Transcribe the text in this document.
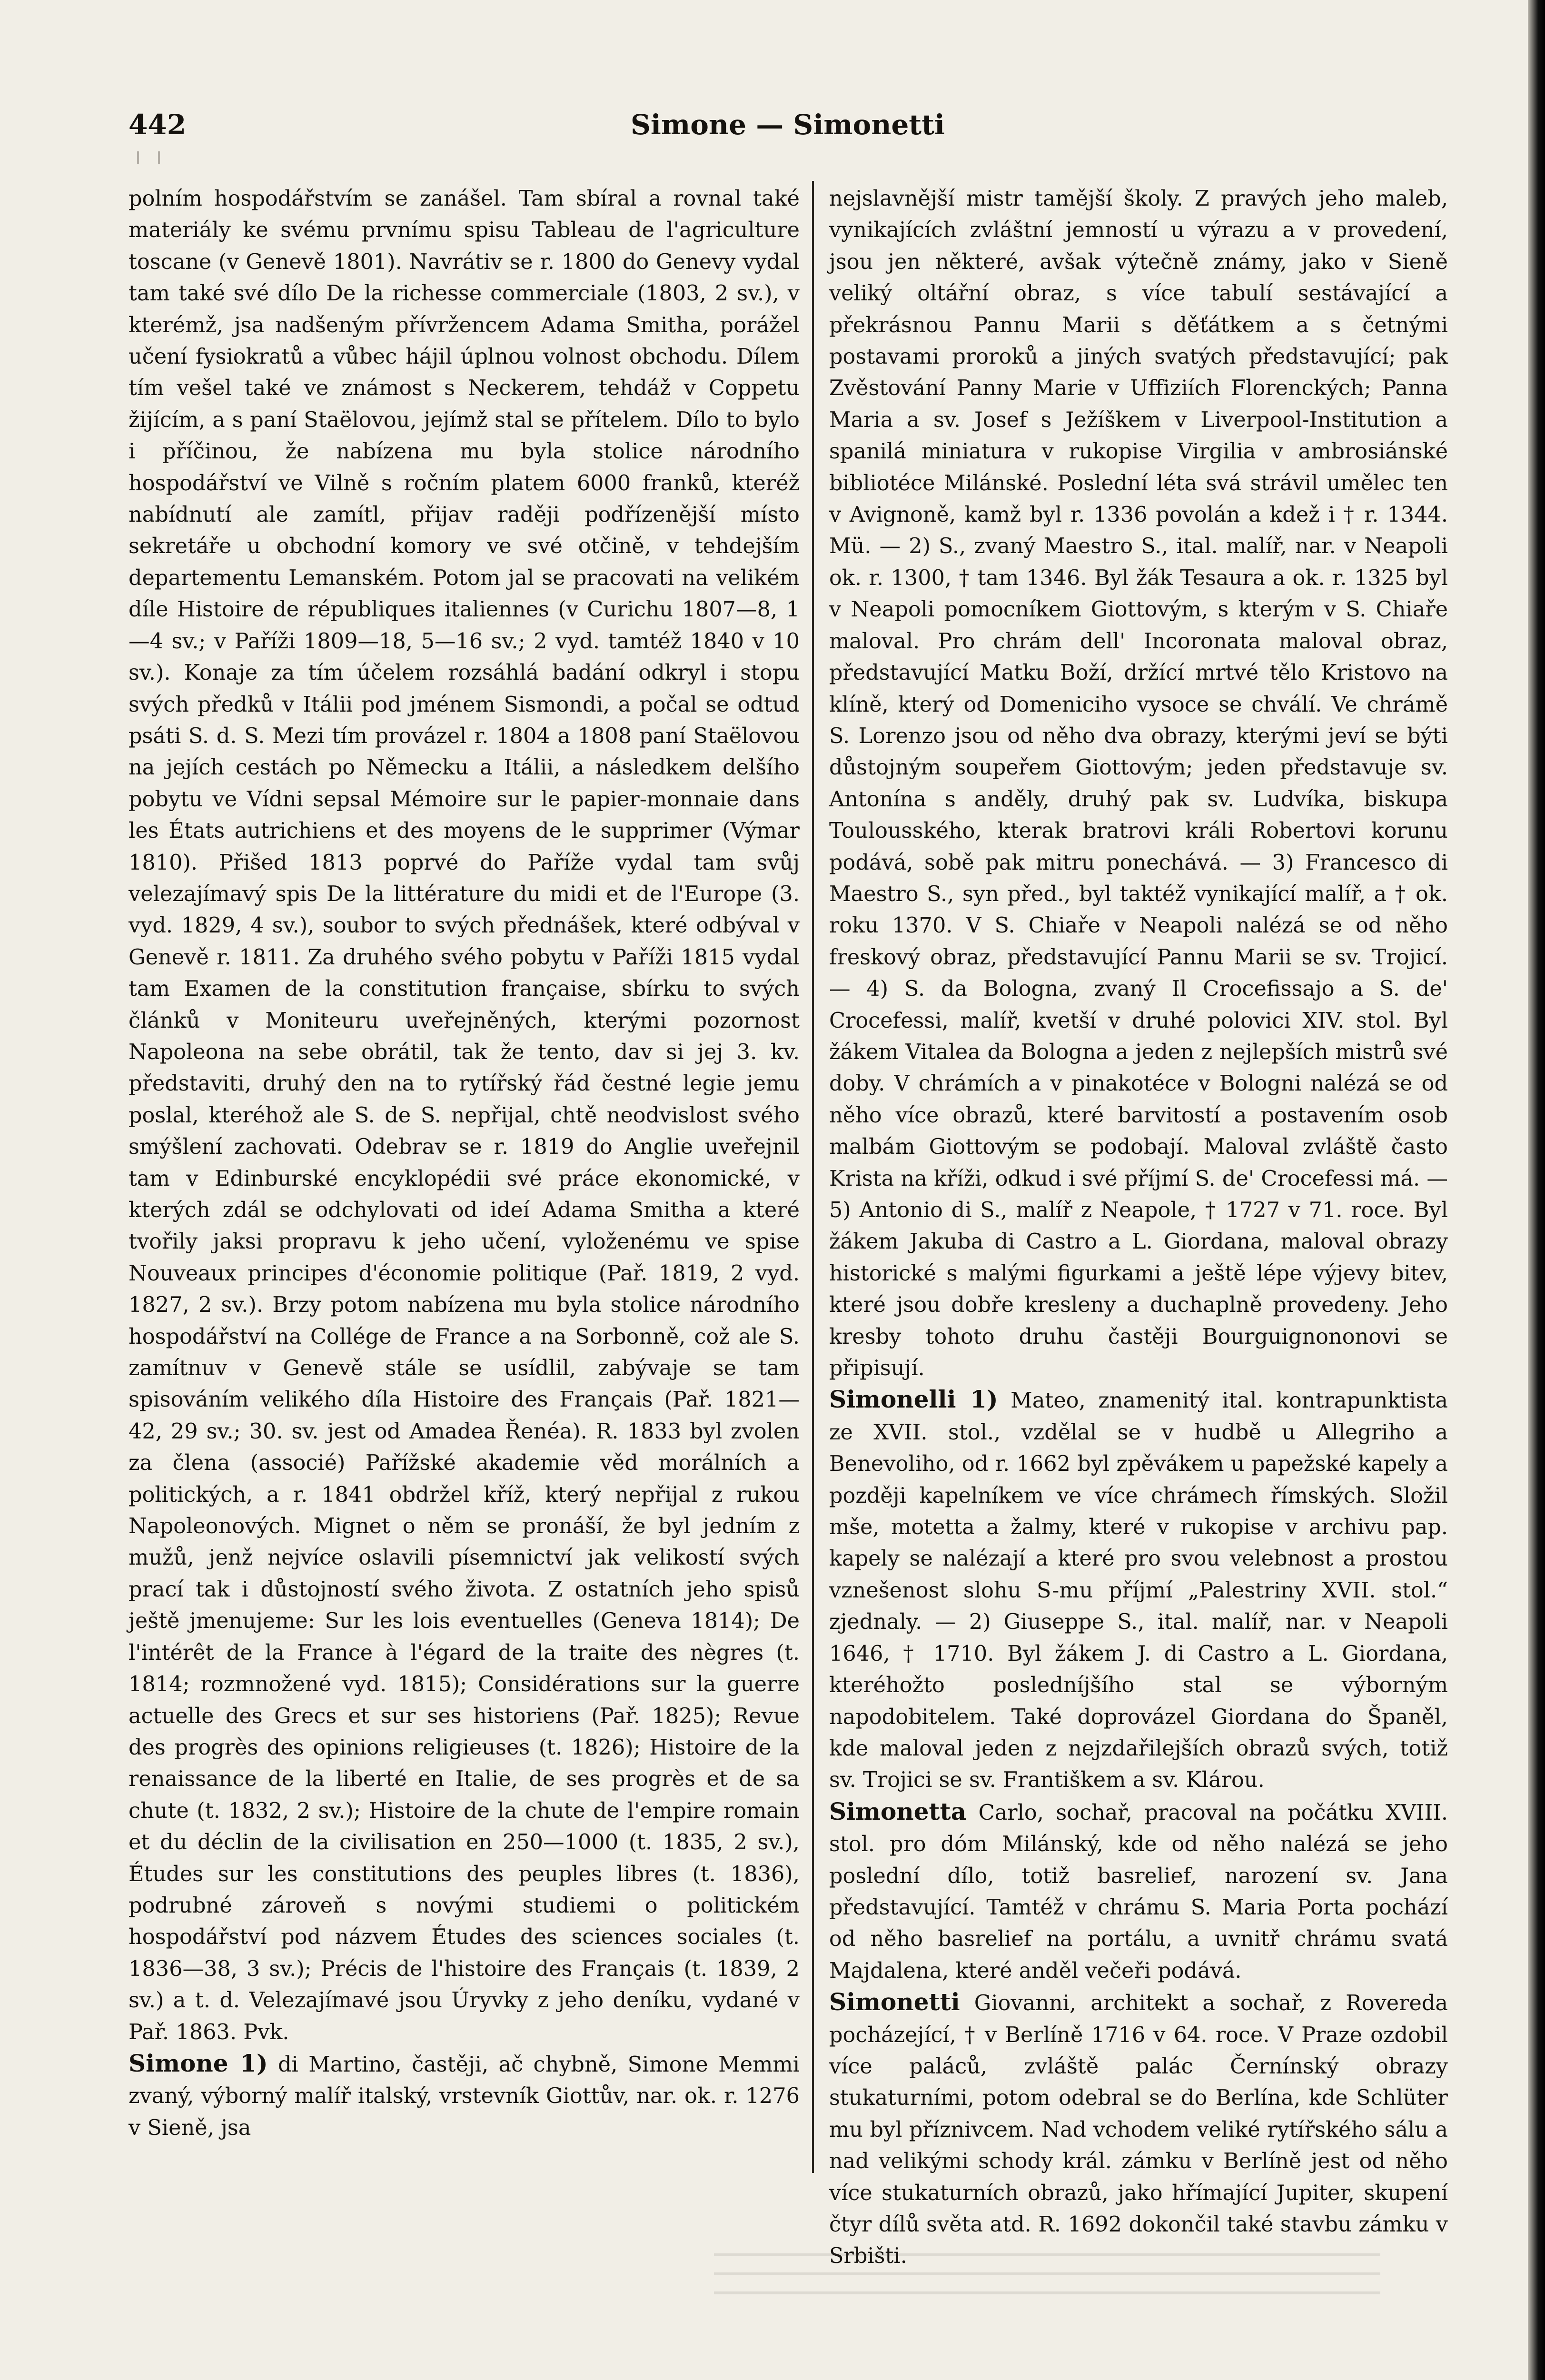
442	Simone — Simonetti

polním hospodářstvím se zanášel. Tam sbíral a rovnal také materiály ke svému prvnímu spisu Tableau de l'agriculture toscane (v Genevě 1801). Navrátiv se r. 1800 do Genevy vydal tam také své dílo De la richesse commerciale (1803, 2 sv.), v kterémž, jsa nadšeným přívržencem Adama Smitha, porážel učení fysiokratů a vůbec hájil úplnou volnost obchodu. Dílem tím vešel také ve známost s Neckerem, tehdáž v Coppetu žijícím, a s paní Staëlovou, jejímž stal se přítelem. Dílo to bylo i příčinou, že nabízena mu byla stolice národního hospodářství ve Vilně s ročním platem 6000 franků, kteréž nabídnutí ale zamítl, přijav raději podřízenější místo sekretáře u obchodní komory ve své otčině, v tehdejším departementu Lemanském. Potom jal se pracovati na velikém díle Histoire de républiques italiennes (v Curichu 1807—8, 1—4 sv.; v Paříži 1809—18, 5—16 sv.; 2 vyd. tamtéž 1840 v 10 sv.). Konaje za tím účelem rozsáhlá badání odkryl i stopu svých předků v Itálii pod jménem Sismondi, a počal se odtud psáti S. d. S. Mezi tím provázel r. 1804 a 1808 paní Staëlovou na jejích cestách po Německu a Itálii, a následkem delšího pobytu ve Vídni sepsal Mémoire sur le papier-monnaie dans les États autrichiens et des moyens de le supprimer (Výmar 1810). Přišed 1813 poprvé do Paříže vydal tam svůj velezajímavý spis De la littérature du midi et de l'Europe (3. vyd. 1829, 4 sv.), soubor to svých přednášek, které odbýval v Genevě r. 1811. Za druhého svého pobytu v Paříži 1815 vydal tam Examen de la constitution française, sbírku to svých článků v Moniteuru uveřejněných, kterými pozornost Napoleona na sebe obrátil, tak že tento, dav si jej 3. kv. představiti, druhý den na to rytířský řád čestné legie jemu poslal, kteréhož ale S. de S. nepřijal, chtě neodvislost svého smýšlení zachovati. Odebrav se r. 1819 do Anglie uveřejnil tam v Edinburské encyklopédii své práce ekonomické, v kterých zdál se odchylovati od ideí Adama Smitha a které tvořily jaksi propravu k jeho učení, vyloženému ve spise Nouveaux principes d'économie politique (Pař. 1819, 2 vyd. 1827, 2 sv.). Brzy potom nabízena mu byla stolice národního hospodářství na Collége de France a na Sorbonně, což ale S. zamítnuv v Genevě stále se usídlil, zabývaje se tam spisováním velikého díla Histoire des Français (Pař. 1821—42, 29 sv.; 30. sv. jest od Amadea Řenéa). R. 1833 byl zvolen za člena (associé) Pařížské akademie věd morálních a politických, a r. 1841 obdržel kříž, který nepřijal z rukou Napoleonových. Mignet o něm se pronáší, že byl jedním z mužů, jenž nejvíce oslavili písemnictví jak velikostí svých prací tak i důstojností svého života. Z ostatních jeho spisů ještě jmenujeme: Sur les lois eventuelles (Geneva 1814); De l'intérêt de la France à l'égard de la traite des nègres (t. 1814; rozmnožené vyd. 1815); Considérations sur la guerre actuelle des Grecs et sur ses historiens (Pař. 1825); Revue des progrès des opinions religieuses (t. 1826); Histoire de la renaissance de la liberté en Italie, de ses progrès et de sa chute (t. 1832, 2 sv.); Histoire de la chute de l'empire romain et du déclin de la civilisation en 250—1000 (t. 1835, 2 sv.), Études sur les constitutions des peuples libres (t. 1836), podrubné zároveň s novými studiemi o politickém hospodářství pod názvem Études des sciences sociales (t. 1836—38, 3 sv.); Précis de l'histoire des Français (t. 1839, 2 sv.) a t. d. Velezajímavé jsou Úryvky z jeho deníku, vydané v Pař. 1863. Pvk.

Simone 1) di Martino, častěji, ač chybně, Simone Memmi zvaný, výborný malíř italský, vrstevník Giottův, nar. ok. r. 1276 v Sieně, jsa

nejslavnější mistr tamější školy. Z pravých jeho maleb, vynikajících zvláštní jemností u výrazu a v provedení, jsou jen některé, avšak výtečně známy, jako v Sieně veliký oltářní obraz, s více tabulí sestávající a překrásnou Pannu Marii s děťátkem a s četnými postavami proroků a jiných svatých představující; pak Zvěstování Panny Marie v Uffiziích Florenckých; Panna Maria a sv. Josef s Ježíškem v Liverpool-Institution a spanilá miniatura v rukopise Virgilia v ambrosiánské bibliotéce Milánské. Poslední léta svá strávil umělec ten v Avignoně, kamž byl r. 1336 povolán a kdež i † r. 1344. Mü. — 2) S., zvaný Maestro S., ital. malíř, nar. v Neapoli ok. r. 1300, † tam 1346. Byl žák Tesaura a ok. r. 1325 byl v Neapoli pomocníkem Giottovým, s kterým v S. Chiaře maloval. Pro chrám dell' Incoronata maloval obraz, představující Matku Boží, držící mrtvé tělo Kristovo na klíně, který od Domeniciho vysoce se chválí. Ve chrámě S. Lorenzo jsou od něho dva obrazy, kterými jeví se býti důstojným soupeřem Giottovým; jeden představuje sv. Antonína s anděly, druhý pak sv. Ludvíka, biskupa Toulousského, kterak bratrovi králi Robertovi korunu podává, sobě pak mitru ponechává. — 3) Francesco di Maestro S., syn před., byl taktéž vynikající malíř, a † ok. roku 1370. V S. Chiaře v Neapoli nalézá se od něho freskový obraz, představující Pannu Marii se sv. Trojicí. — 4) S. da Bologna, zvaný Il Crocefissajo a S. de' Crocefessi, malíř, kvetší v druhé polovici XIV. stol. Byl žákem Vitalea da Bologna a jeden z nejlepších mistrů své doby. V chrámích a v pinakotéce v Bologni nalézá se od něho více obrazů, které barvitostí a postavením osob malbám Giottovým se podobají. Maloval zvláště často Krista na kříži, odkud i své příjmí S. de' Crocefessi má. — 5) Antonio di S., malíř z Neapole, † 1727 v 71. roce. Byl žákem Jakuba di Castro a L. Giordana, maloval obrazy historické s malými figurkami a ještě lépe výjevy bitev, které jsou dobře kresleny a duchaplně provedeny. Jeho kresby tohoto druhu častěji Bourguignononovi se připisují.

Simonelli 1) Mateo, znamenitý ital. kontrapunktista ze XVII. stol., vzdělal se v hudbě u Allegriho a Benevoliho, od r. 1662 byl zpěvákem u papežské kapely a později kapelníkem ve více chrámech římských. Složil mše, motetta a žalmy, které v rukopise v archivu pap. kapely se nalézají a které pro svou velebnost a prostou vznešenost slohu S-mu příjmí „Palestriny XVII. stol.“ zjednaly. — 2) Giuseppe S., ital. malíř, nar. v Neapoli 1646, † 1710. Byl žákem J. di Castro a L. Giordana, kteréhožto posledníjšího stal se výborným napodobitelem. Také doprovázel Giordana do Španěl, kde maloval jeden z nejzdařilejších obrazů svých, totiž sv. Trojici se sv. Františkem a sv. Klárou.

Simonetta Carlo, sochař, pracoval na počátku XVIII. stol. pro dóm Milánský, kde od něho nalézá se jeho poslední dílo, totiž basrelief, narození sv. Jana představující. Tamtéž v chrámu S. Maria Porta pochází od něho basrelief na portálu, a uvnitř chrámu svatá Majdalena, které anděl večeři podává.

Simonetti Giovanni, architekt a sochař, z Rovereda pocházející, † v Berlíně 1716 v 64. roce. V Praze ozdobil více paláců, zvláště palác Černínský obrazy stukaturními, potom odebral se do Berlína, kde Schlüter mu byl příznivcem. Nad vchodem veliké rytířského sálu a nad velikými schody král. zámku v Berlíně jest od něho více stukaturních obrazů, jako hřímající Jupiter, skupení čtyr dílů světa atd. R. 1692 dokončil také stavbu zámku v Srbišti.
